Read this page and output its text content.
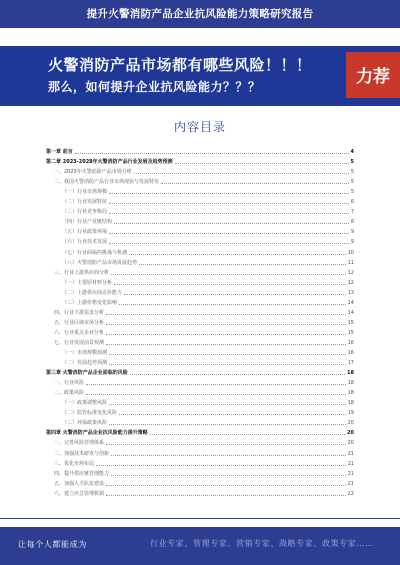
提升火警消防产品企业抗风险能力策略研究报告
火警消防产品市场都有哪些风险！！！
那么，如何提升企业抗风险能力？？？	力荐
内容目录
第一章 前言	4
第二章 2023-2028年火警消防产品行业发展及趋势预测	5
一、2023年火警消防产品市场分析	5
二、我国火警消防产品行业市场现状与发展特征	5
（一）行业市场规模	5
（二）行业发展特征	6
（三）行业竞争格局	7
（四）行业产业链结构	8
（五）行业政策环境	9
（六）行业技术发展	9
（七）行业面临的挑战与机遇	10
（八）火警消防产品市场发展趋势	11
三、行业上游供应商分析	12
（一）主要原材料分析	12
（二）上游供应商议价能力	13
（三）上游价格变化影响	14
四、行业下游需求分析	14
五、行业区域市场分析	15
六、行业重点企业分析	15
七、行业发展前景预测	16
（一）市场规模预测	16
（二）发展趋势预测	17
第三章 火警消防产品企业面临的风险	18
一、行业风险	18
二、政策风险	18
（一）政策调整风险	18
（二）监管标准变化风险	19
（三）环保政策风险	20
第四章 火警消防产品企业抗风险能力提升策略	20
一、完善风险管理体系	20
二、加强技术研发与创新	21
三、优化市场布局	21
四、提升供应链管理能力	21
五、加强人才队伍建设	21
六、建立应急管理机制	22
让每个人都能成为	行业专家、管理专家、营销专家、战略专家、政策专家……
